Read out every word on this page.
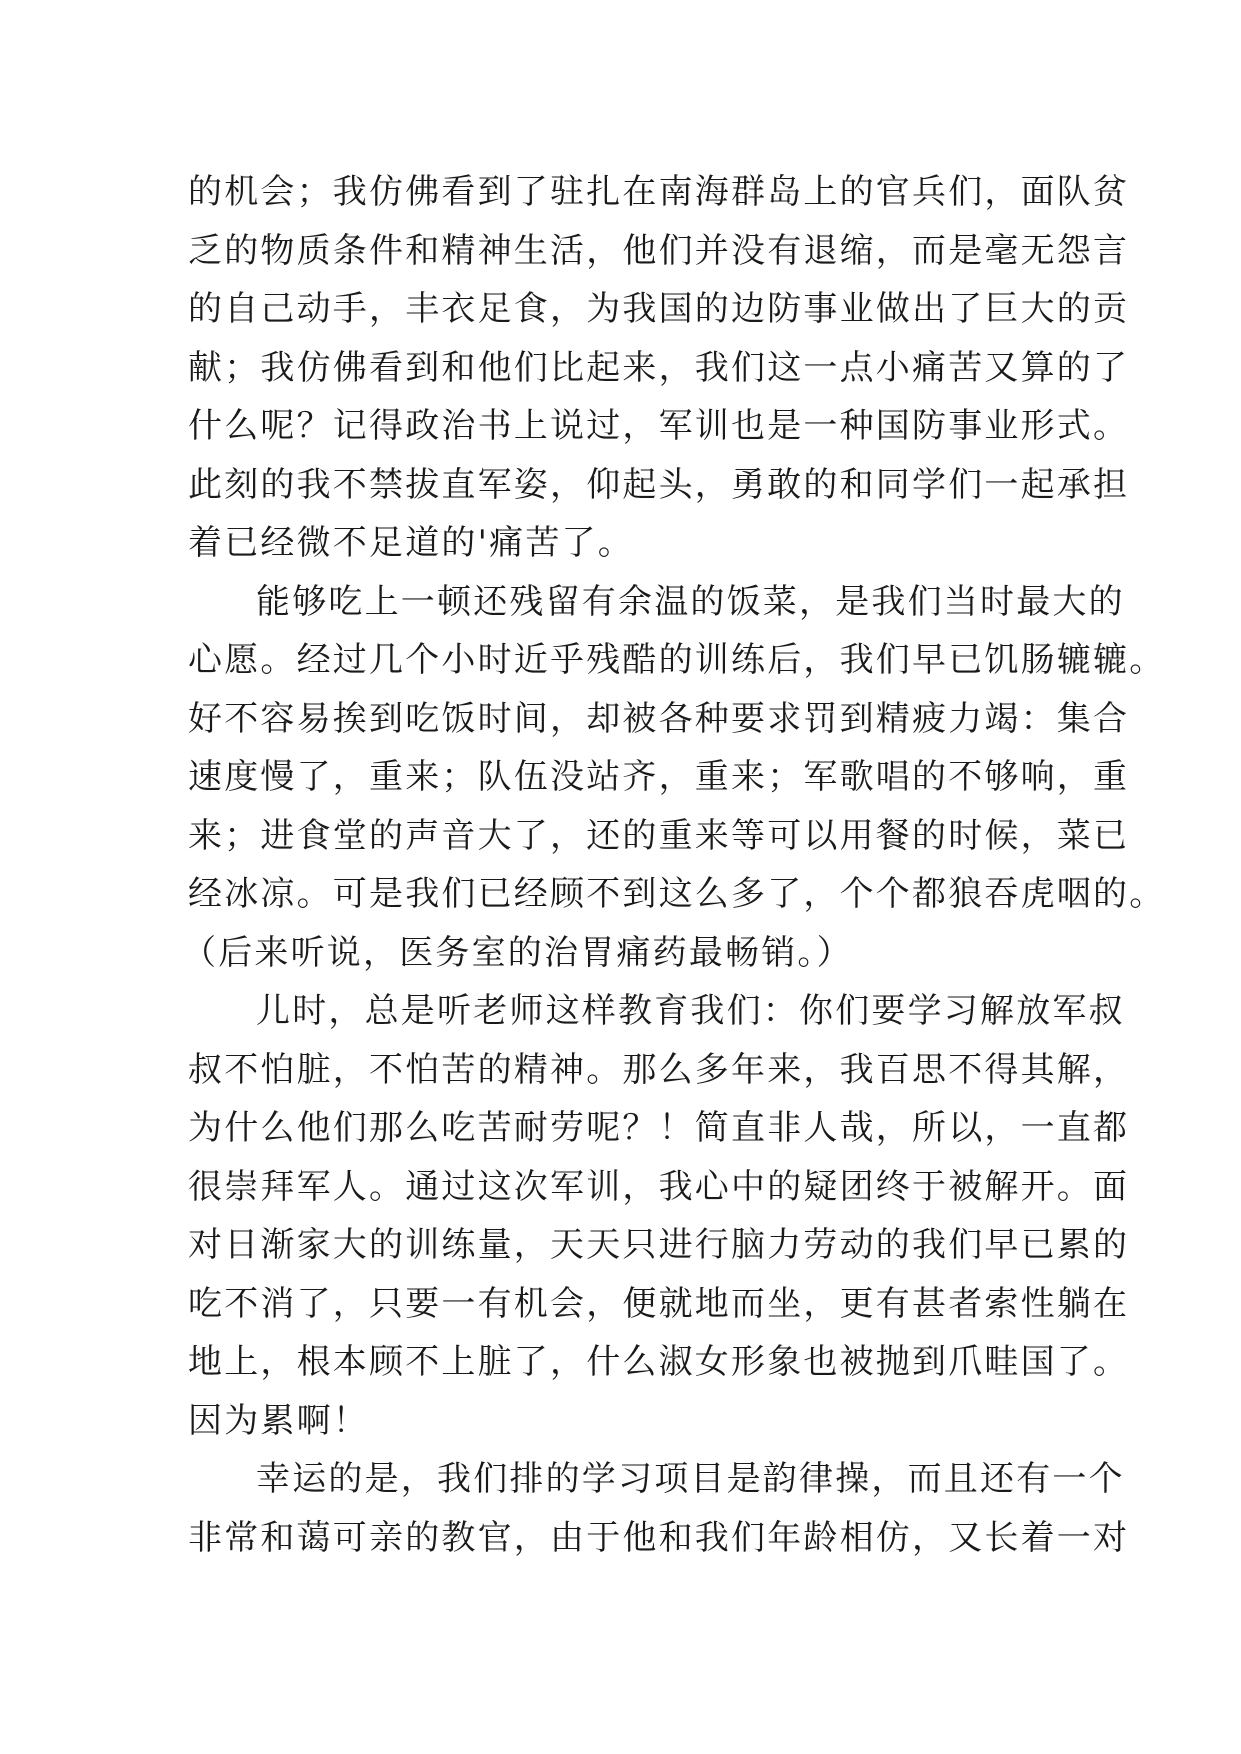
的机会；我仿佛看到了驻扎在南海群岛上的官兵们，面队贫
乏的物质条件和精神生活，他们并没有退缩，而是毫无怨言
的自己动手，丰衣足食，为我国的边防事业做出了巨大的贡
献；我仿佛看到和他们比起来，我们这一点小痛苦又算的了
什么呢？记得政治书上说过，军训也是一种国防事业形式。
此刻的我不禁拔直军姿，仰起头，勇敢的和同学们一起承担
着已经微不足道的'痛苦了。
能够吃上一顿还残留有余温的饭菜，是我们当时最大的
心愿。经过几个小时近乎残酷的训练后，我们早已饥肠辘辘。
好不容易挨到吃饭时间，却被各种要求罚到精疲力竭：集合
速度慢了，重来；队伍没站齐，重来；军歌唱的不够响，重
来；进食堂的声音大了，还的重来等可以用餐的时候，菜已
经冰凉。可是我们已经顾不到这么多了，个个都狼吞虎咽的。
（后来听说，医务室的治胃痛药最畅销。）
儿时，总是听老师这样教育我们：你们要学习解放军叔
叔不怕脏，不怕苦的精神。那么多年来，我百思不得其解，
为什么他们那么吃苦耐劳呢？！简直非人哉，所以，一直都
很崇拜军人。通过这次军训，我心中的疑团终于被解开。面
对日渐家大的训练量，天天只进行脑力劳动的我们早已累的
吃不消了，只要一有机会，便就地而坐，更有甚者索性躺在
地上，根本顾不上脏了，什么淑女形象也被抛到爪畦国了。
因为累啊！
幸运的是，我们排的学习项目是韵律操，而且还有一个
非常和蔼可亲的教官，由于他和我们年龄相仿，又长着一对
